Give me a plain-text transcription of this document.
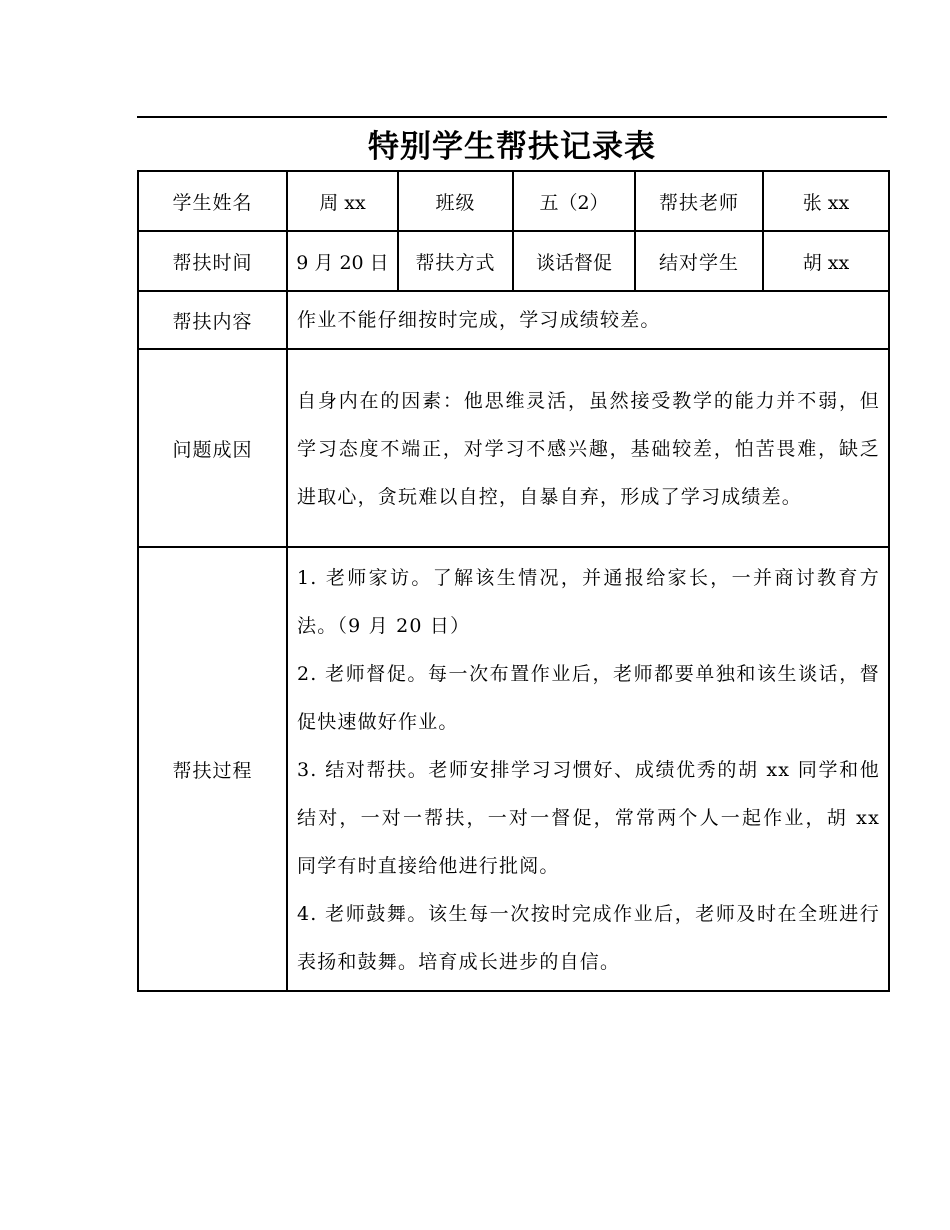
特别学生帮扶记录表
学生姓名	周 xx	班级	五（2）	帮扶老师	张 xx
帮扶时间	9 月 20 日	帮扶方式	谈话督促	结对学生	胡 xx
帮扶内容	作业不能仔细按时完成，学习成绩较差。				
问题成因	自身内在的因素：他思维灵活，虽然接受教学的能力并不弱，但学习态度不端正，对学习不感兴趣，基础较差，怕苦畏难，缺乏进取心，贪玩难以自控，自暴自弃，形成了学习成绩差。				
帮扶过程	1. 老师家访。了解该生情况，并通报给家长，一并商讨教育方法。（9 月 20 日）
2. 老师督促。每一次布置作业后，老师都要单独和该生谈话，督促快速做好作业。
3. 结对帮扶。老师安排学习习惯好、成绩优秀的胡 xx 同学和他结对，一对一帮扶，一对一督促，常常两个人一起作业，胡 xx 同学有时直接给他进行批阅。
4. 老师鼓舞。该生每一次按时完成作业后，老师及时在全班进行表扬和鼓舞。培育成长进步的自信。				
